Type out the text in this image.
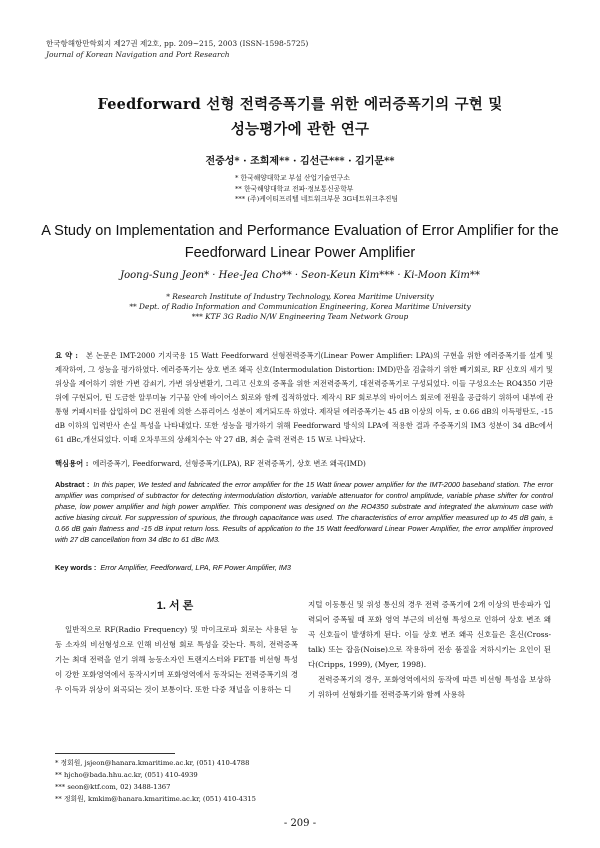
한국항해항만학회지 제27권 제2호, pp. 209~215, 2003 (ISSN-1598-5725)
Journal of Korean Navigation and Port Research
Feedforward 선형 전력증폭기를 위한 에러증폭기의 구현 및
성능평가에 관한 연구
전중성* · 조희제** · 김선근*** · 김기문**
* 한국해양대학교 부설 산업기술연구소
** 한국해양대학교 전파·정보통신공학부
*** (주)케이티프리텔 네트워크부문 3G네트워크추진팀
A Study on Implementation and Performance Evaluation of Error Amplifier for the
Feedforward Linear Power Amplifier
Joong-Sung Jeon* · Hee-Jea Cho** · Seon-Keun Kim*** · Ki-Moon Kim**
* Research Institute of Industry Technology, Korea Maritime University
** Dept. of Radio Information and Communication Engineering, Korea Maritime University
*** KTF 3G Radio N/W Engineering Team Network Group
요 약 : 본 논문은 IMT-2000 기지국용 15 Watt Feedforward 선형전력증폭기(Linear Power Amplifier: LPA)의 구현을 위한 에러증폭기를 설계 및 제작하여, 그 성능을 평가하였다. 에러증폭기는 상호 변조 왜곡 신호(Intermodulation Distortion: IMD)만을 검출하기 위한 빼기회로, RF 신호의 세기 및 위상을 제어하기 위한 가변 감쇠기, 가변 위상변환기, 그리고 신호의 증폭을 위한 저전력증폭기, 대전력증폭기로 구성되었다. 이들 구성요소는 RO4350 기판 위에 구현되어, 틴 도금한 알루미늄 기구물 안에 바이어스 회로와 함께 집적하였다. 제작시 RF 회로부의 바이어스 회로에 전원을 공급하기 위하여 내부에 관통형 커패시터를 삽입하여 DC 전원에 의한 스퓨리어스 성분이 제거되도록 하였다. 제작된 에러증폭기는 45 dB 이상의 이득, ± 0.66 dB의 이득평탄도, -15 dB 이하의 입력반사 손실 특성을 나타내었다. 또한 성능을 평가하기 위해 Feedforward 방식의 LPA에 적용한 결과 주증폭기의 IM3 성분이 34 dBc에서 61 dBc,개선되었다. 이때 오차루프의 상쇄치수는 약 27 dB, 최순 출력 전력은 15 W로 나타났다.
핵심용어 : 에러증폭기, Feedforward, 선형증폭기(LPA), RF 전력증폭기, 상호 변조 왜곡(IMD)
Abstract : In this paper, We tested and fabricated the error amplifier for the 15 Watt linear power amplifier for the IMT-2000 baseband station. The error amplifier was comprised of subtractor for detecting intermodulation distortion, variable attenuator for control amplitude, variable phase shifter for control phase, low power amplifier and high power amplifier. This component was designed on the RO4350 substrate and integrated the aluminum case with active biasing circuit. For suppression of spurious, the through capacitance was used. The characteristics of error amplifier measured up to 45 dB gain, ± 0.66 dB gain flatness and -15 dB input return loss. Results of application to the 15 Watt feedforward Linear Power Amplifier, the error amplifier improved with 27 dB cancellation from 34 dBc to 61 dBc IM3.
Key words : Error Amplifier, Feedforward, LPA, RF Power Amplifier, IM3
1. 서 론

일반적으로 RF(Radio Frequency) 및 마이크로파 회로는 사용된 능동 소자의 비선형성으로 인해 비선형 회로 특성을 갖는다. 특히, 전력증폭기는 최대 전력을 얻기 위해 능동소자인 트랜지스터와 FET를 비선형 특성이 강한 포화영역에서 동작시키며 포화영역에서 동작되는 전력증폭기의 경우 이득과 위상이 외곡되는 것이 보통이다. 또한 다중 채널을 이용하는 디

지털 이동통신 및 위성 통신의 경우 전력 증폭기에 2개 이상의 반송파가 입력되어 증폭될 때 포화 영역 부근의 비선형 특성으로 인하여 상호 변조 왜곡 신호들이 발생하게 된다. 이들 상호 변조 왜곡 신호들은 혼신(Cross-talk) 또는 잡음(Noise)으로 작용하여 전송 품질을 저하시키는 요인이 된다(Cripps, 1999), (Myer, 1998).

전력증폭기의 경우, 포화영역에서의 동작에 따른 비선형 특성을 보상하기 위하여 선형화기를 전력증폭기와 함께 사용하

* 정회원, jsjeon@hanara.kmaritime.ac.kr, (051) 410-4788
** hjcho@bada.hhu.ac.kr, (051) 410-4939
*** seon@ktf.com, 02) 3488-1367
** 정회원, kmkim@hanara.kmaritime.ac.kr, (051) 410-4315
- 209 -
